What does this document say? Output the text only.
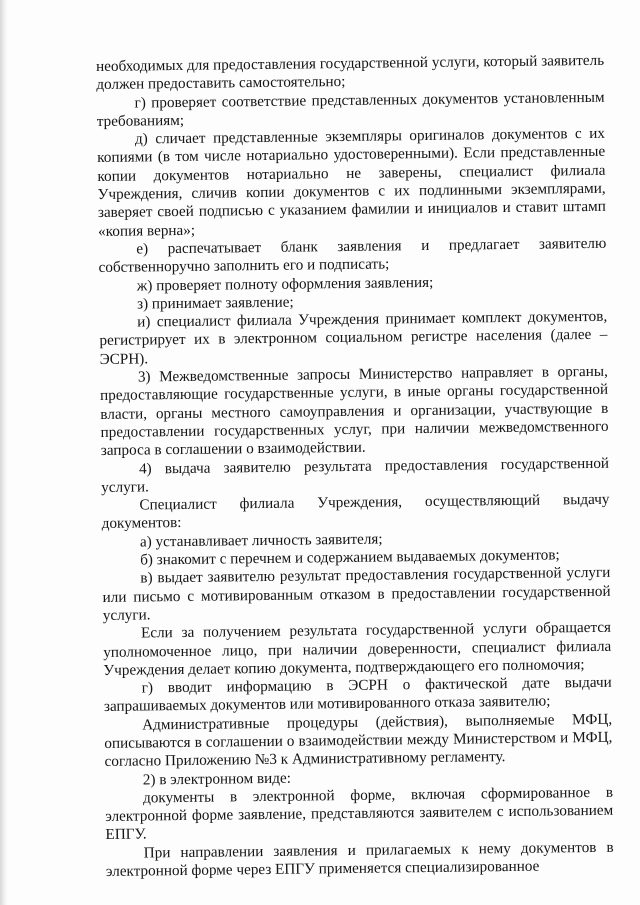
необходимых для предоставления государственной услуги, который заявитель должен предоставить самостоятельно;

г) проверяет соответствие представленных документов установленным требованиям;

д) сличает представленные экземпляры оригиналов документов с их копиями (в том числе нотариально удостоверенными). Если представленные копии документов нотариально не заверены, специалист филиала Учреждения, сличив копии документов с их подлинными экземплярами, заверяет своей подписью с указанием фамилии и инициалов и ставит штамп «копия верна»;

е) распечатывает бланк заявления и предлагает заявителю собственноручно заполнить его и подписать;

ж) проверяет полноту оформления заявления;

з) принимает заявление;

и) специалист филиала Учреждения принимает комплект документов, регистрирует их в электронном социальном регистре населения (далее – ЭСРН).

3) Межведомственные запросы Министерство направляет в органы, предоставляющие государственные услуги, в иные органы государственной власти, органы местного самоуправления и организации, участвующие в предоставлении государственных услуг, при наличии межведомственного запроса в соглашении о взаимодействии.

4) выдача заявителю результата предоставления государственной услуги.

Специалист филиала Учреждения, осуществляющий выдачу документов:

а) устанавливает личность заявителя;

б) знакомит с перечнем и содержанием выдаваемых документов;

в) выдает заявителю результат предоставления государственной услуги или письмо с мотивированным отказом в предоставлении государственной услуги.

Если за получением результата государственной услуги обращается уполномоченное лицо, при наличии доверенности, специалист филиала Учреждения делает копию документа, подтверждающего его полномочия;

г) вводит информацию в ЭСРН о фактической дате выдачи запрашиваемых документов или мотивированного отказа заявителю;

Административные процедуры (действия), выполняемые МФЦ, описываются в соглашении о взаимодействии между Министерством и МФЦ, согласно Приложению №3 к Административному регламенту.

2) в электронном виде:

документы в электронной форме, включая сформированное в электронной форме заявление, представляются заявителем с использованием ЕПГУ.

При направлении заявления и прилагаемых к нему документов в электронной форме через ЕПГУ применяется специализированное
